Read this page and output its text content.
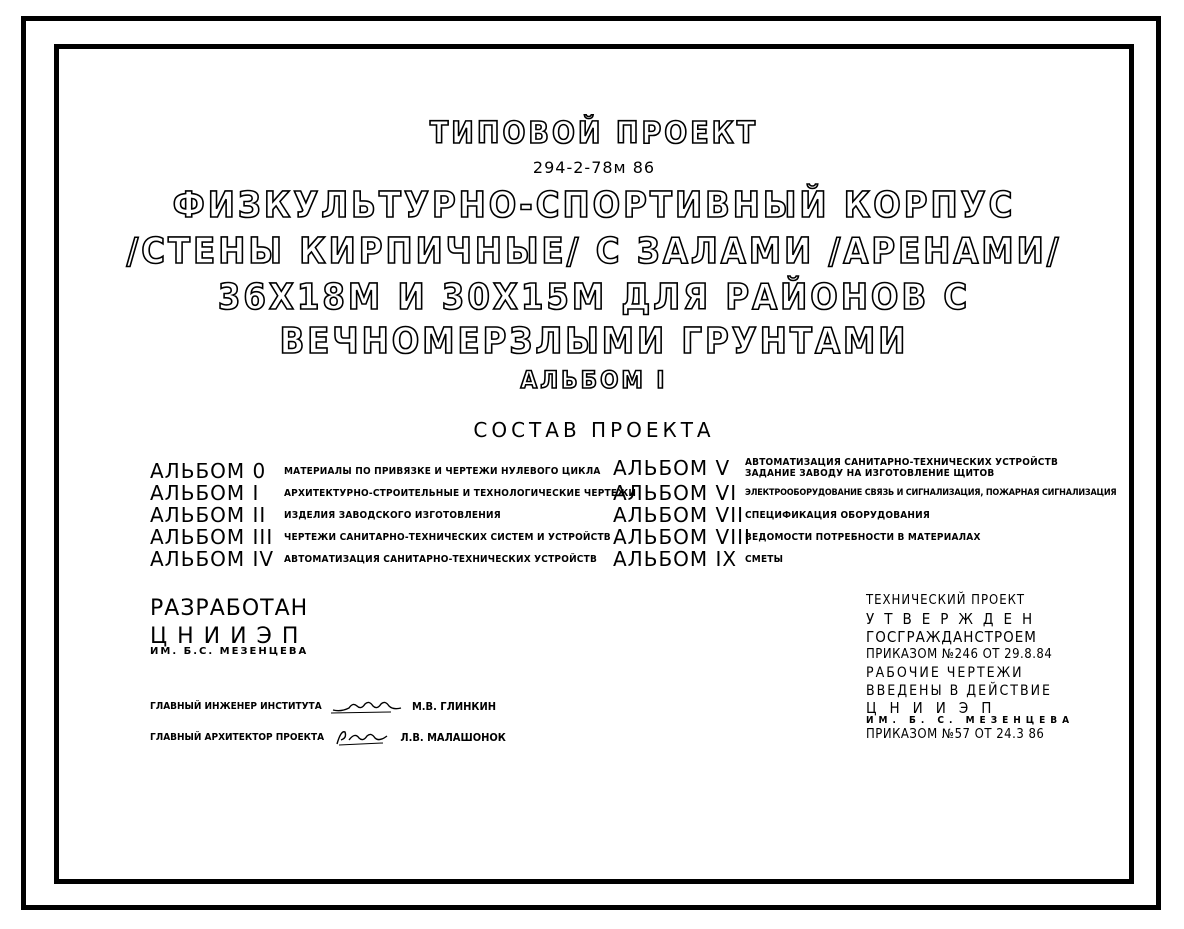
ТИПОВОЙ ПРОЕКТ
294-2-78м 86
ФИЗКУЛЬТУРНО-СПОРТИВНЫЙ КОРПУС
/СТЕНЫ КИРПИЧНЫЕ/ С ЗАЛАМИ /АРЕНАМИ/
36Х18М И 30Х15М ДЛЯ РАЙОНОВ С
ВЕЧНОМЕРЗЛЫМИ ГРУНТАМИ
АЛЬБОМ I
СОСТАВ ПРОЕКТА
АЛЬБОМ 0 МАТЕРИАЛЫ ПО ПРИВЯЗКЕ И ЧЕРТЕЖИ НУЛЕВОГО ЦИКЛА
АЛЬБОМ I АРХИТЕКТУРНО-СТРОИТЕЛЬНЫЕ И ТЕХНОЛОГИЧЕСКИЕ ЧЕРТЕЖИ
АЛЬБОМ II ИЗДЕЛИЯ ЗАВОДСКОГО ИЗГОТОВЛЕНИЯ
АЛЬБОМ III ЧЕРТЕЖИ САНИТАРНО-ТЕХНИЧЕСКИХ СИСТЕМ И УСТРОЙСТВ
АЛЬБОМ IV АВТОМАТИЗАЦИЯ САНИТАРНО-ТЕХНИЧЕСКИХ УСТРОЙСТВ
АЛЬБОМ V АВТОМАТИЗАЦИЯ САНИТАРНО-ТЕХНИЧЕСКИХ УСТРОЙСТВ
ЗАДАНИЕ ЗАВОДУ НА ИЗГОТОВЛЕНИЕ ЩИТОВ
АЛЬБОМ VI ЭЛЕКТРООБОРУДОВАНИЕ СВЯЗЬ И СИГНАЛИЗАЦИЯ, ПОЖАРНАЯ СИГНАЛИЗАЦИЯ
АЛЬБОМ VIIСПЕЦИФИКАЦИЯ ОБОРУДОВАНИЯ
АЛЬБОМ VIIIВЕДОМОСТИ ПОТРЕБНОСТИ В МАТЕРИАЛАХ
АЛЬБОМ IX СМЕТЫ
РАЗРАБОТАН
ЦНИИЭП
ИМ. Б.С. МЕЗЕНЦЕВА
ГЛАВНЫЙ ИНЖЕНЕР ИНСТИТУТА	М.В. ГЛИНКИН
ГЛАВНЫЙ АРХИТЕКТОР ПРОЕКТА	Л.В. МАЛАШОНОК
ТЕХНИЧЕСКИЙ ПРОЕКТ
УТВЕРЖДЕН
ГОСГРАЖДАНСТРОЕМ
ПРИКАЗОМ №246 ОТ 29.8.84
РАБОЧИЕ ЧЕРТЕЖИ
ВВЕДЕНЫ В ДЕЙСТВИЕ
ЦНИИЭП
ИМ. Б. С. МЕЗЕНЦЕВА
ПРИКАЗОМ №57 ОТ 24.3 86
